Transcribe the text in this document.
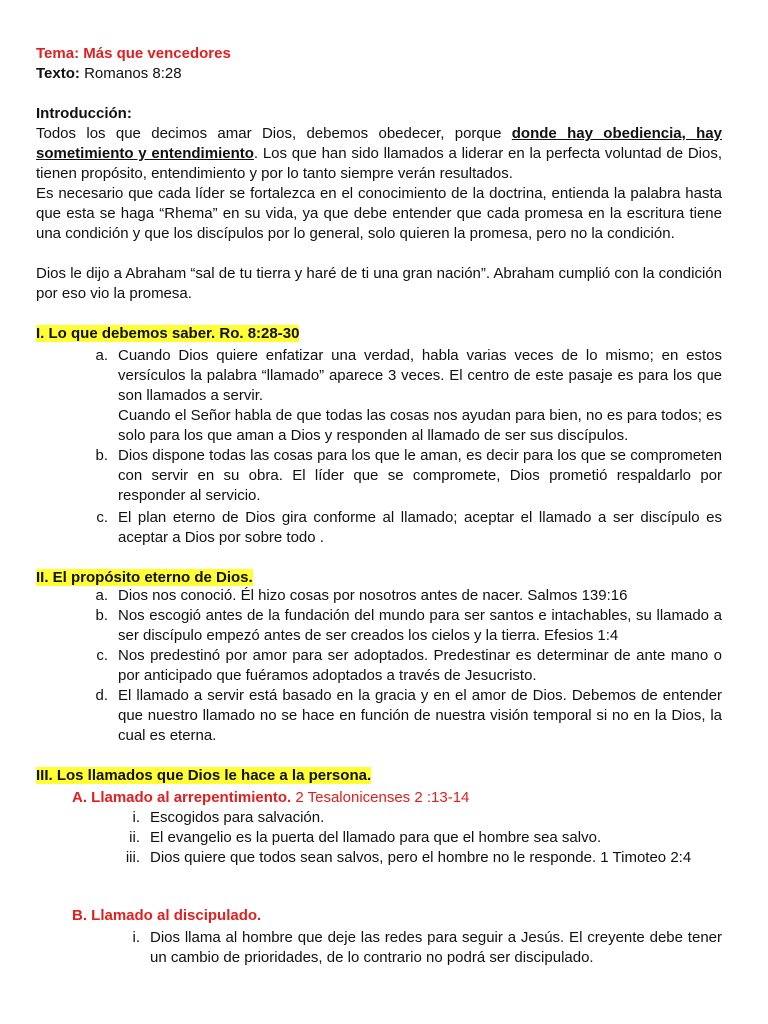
Tema: Más que vencedores
Texto: Romanos 8:28
Introducción:
Todos los que decimos amar Dios, debemos obedecer, porque donde hay obediencia, hay sometimiento y entendimiento. Los que han sido llamados a liderar en la perfecta voluntad de Dios, tienen propósito, entendimiento y por lo tanto siempre verán resultados.
Es necesario que cada líder se fortalezca en el conocimiento de la doctrina, entienda la palabra hasta que esta se haga “Rhema” en su vida, ya que debe entender que cada promesa en la escritura tiene una condición y que los discípulos por lo general, solo quieren la promesa, pero no la condición.
Dios le dijo a Abraham “sal de tu tierra y haré de ti una gran nación”. Abraham cumplió con la condición por eso vio la promesa.
I. Lo que debemos saber. Ro. 8:28-30
a. Cuando Dios quiere enfatizar una verdad, habla varias veces de lo mismo; en estos versículos la palabra “llamado” aparece 3 veces. El centro de este pasaje es para los que son llamados a servir.
Cuando el Señor habla de que todas las cosas nos ayudan para bien, no es para todos; es solo para los que aman a Dios y responden al llamado de ser sus discípulos.
b. Dios dispone todas las cosas para los que le aman, es decir para los que se comprometen con servir en su obra. El líder que se compromete, Dios prometió respaldarlo por responder al servicio.
c. El plan eterno de Dios gira conforme al llamado; aceptar el llamado a ser discípulo es aceptar a Dios por sobre todo .
II. El propósito eterno de Dios.
a. Dios nos conoció. Él hizo cosas por nosotros antes de nacer. Salmos 139:16
b. Nos escogió antes de la fundación del mundo para ser santos e intachables, su llamado a ser discípulo empezó antes de ser creados los cielos y la tierra. Efesios 1:4
c. Nos predestinó por amor para ser adoptados. Predestinar es determinar de ante mano o por anticipado que fuéramos adoptados a través de Jesucristo.
d. El llamado a servir está basado en la gracia y en el amor de Dios. Debemos de entender que nuestro llamado no se hace en función de nuestra visión temporal si no en la Dios, la cual es eterna.
III. Los llamados que Dios le hace a la persona.
A. Llamado al arrepentimiento. 2 Tesalonicenses 2 :13-14
i. Escogidos para salvación.
ii. El evangelio es la puerta del llamado para que el hombre sea salvo.
iii. Dios quiere que todos sean salvos, pero el hombre no le responde. 1 Timoteo 2:4
B. Llamado al discipulado.
i. Dios llama al hombre que deje las redes para seguir a Jesús. El creyente debe tener un cambio de prioridades, de lo contrario no podrá ser discipulado.
